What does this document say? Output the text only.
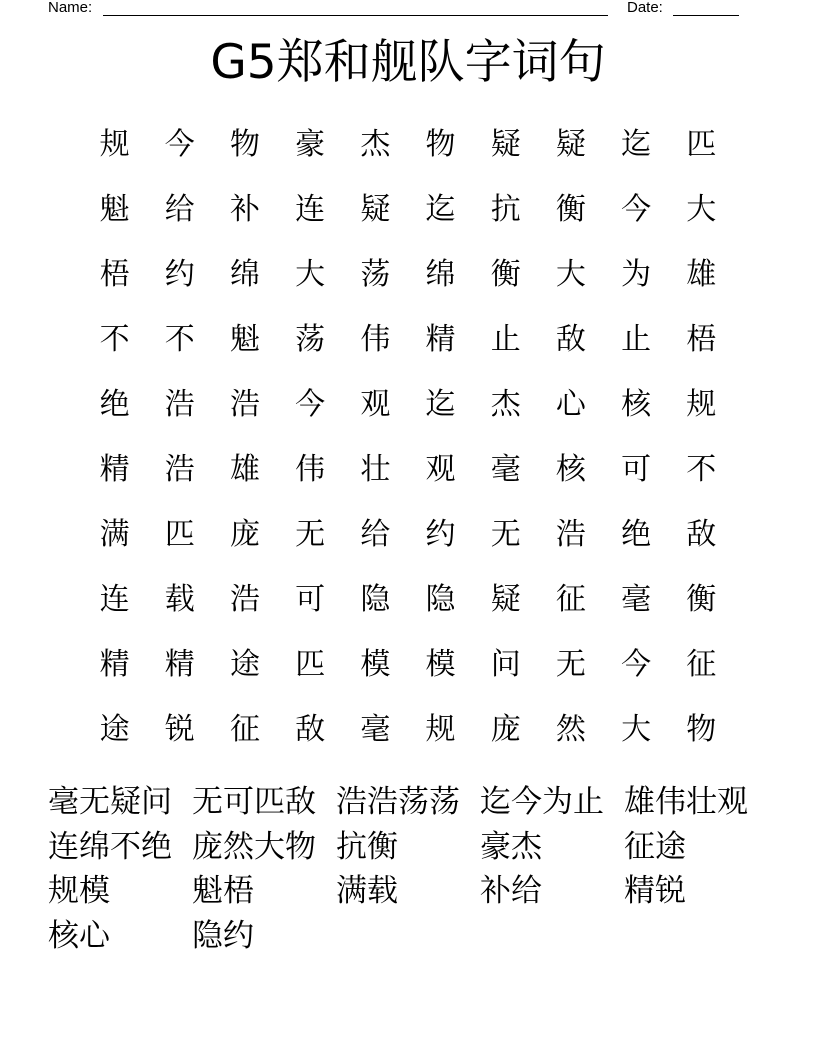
Name:	Date:
G5郑和舰队字词句
规	今	物	豪	杰	物	疑	疑	迄	匹
魁	给	补	连	疑	迄	抗	衡	今	大
梧	约	绵	大	荡	绵	衡	大	为	雄
不	不	魁	荡	伟	精	止	敌	止	梧
绝	浩	浩	今	观	迄	杰	心	核	规
精	浩	雄	伟	壮	观	毫	核	可	不
满	匹	庞	无	给	约	无	浩	绝	敌
连	载	浩	可	隐	隐	疑	征	毫	衡
精	精	途	匹	模	模	问	无	今	征
途	锐	征	敌	毫	规	庞	然	大	物
毫无疑问 无可匹敌 浩浩荡荡 迄今为止 雄伟壮观
连绵不绝 庞然大物 抗衡	豪杰	征途
规模	魁梧	满载	补给	精锐
核心	隐约
